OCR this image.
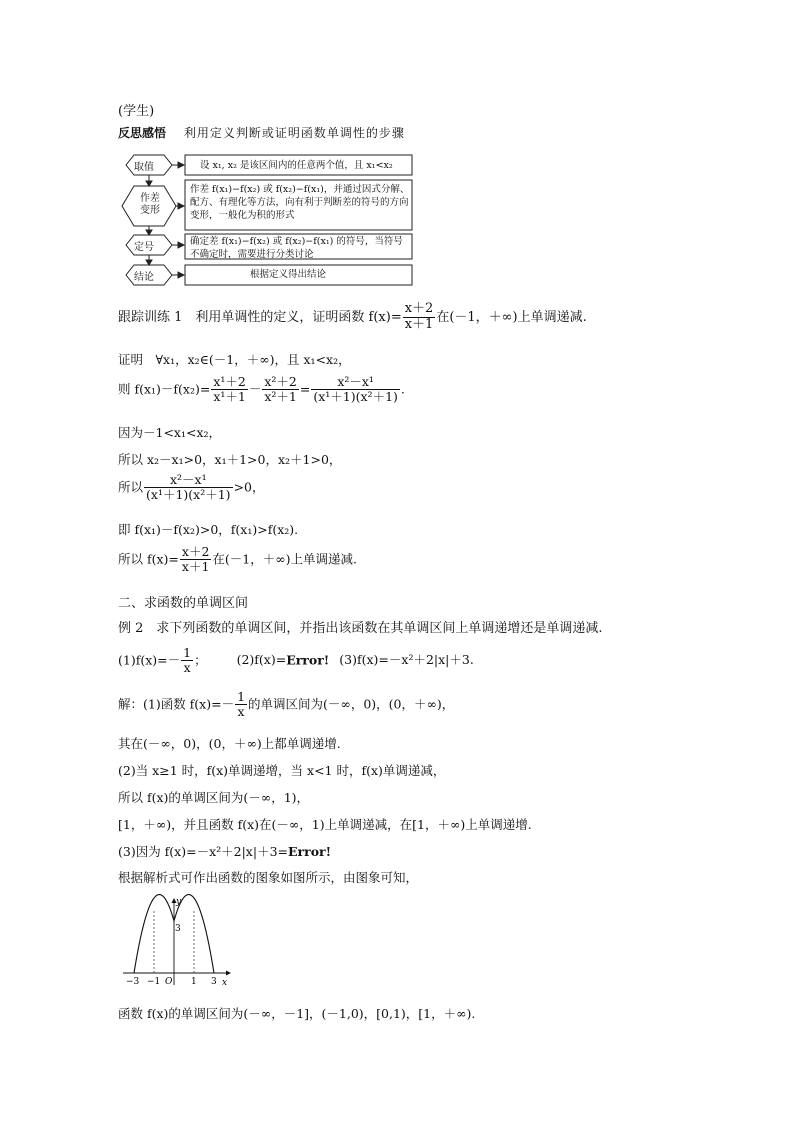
(学生)
反思感悟 利用定义判断或证明函数单调性的步骤
取值
作差变形
定号
结论
设 x₁, x₂ 是该区间内的任意两个值，且 x₁<x₂
作差 f(x₁)−f(x₂) 或 f(x₂)−f(x₁)，并通过因式分解、配方、有理化等方法，向有利于判断差的符号的方向变形，一般化为积的形式
确定差 f(x₁)−f(x₂) 或 f(x₂)−f(x₁) 的符号，当符号不确定时，需要进行分类讨论
根据定义得出结论
跟踪训练 1　利用单调性的定义，证明函数 $f(x)= \frac{x+2}{x+1}$ 在(－1，＋∞)上单调递减.
证明　∀x₁，x₂∈(－1，＋∞)，且 x₁<x₂，
则 $f(x_1)-f(x_2)= \frac{\text{x¹＋2}}{\text{x¹＋1}} - \frac{\text{x²＋2}}{\text{x²＋1}} = \frac{\text{x²－x¹}}{\text{(x¹＋1)(x²＋1)}}$ .
因为－1<x₁<x₂，
所以 x₂－x₁>0，x₁＋1>0，x₂＋1>0，
所以 $\frac{\text{x²－x¹}}{\text{(x¹＋1)(x²＋1)}} >0$，
即 f(x₁)－f(x₂)>0，f(x₁)>f(x₂).
所以 $f(x)= \frac{x+2}{x+1}$ 在(－1，＋∞)上单调递减.
二、求函数的单调区间
例 2　求下列函数的单调区间，并指出该函数在其单调区间上单调递增还是单调递减.
$(1)f(x)=- \frac{1}{x}$ ； (2)f(x)=Error! (3)f(x)=－x²＋2|x|＋3.
解：(1)函数 $f(x)=- \frac{1}{x}$ 的单调区间为(－∞，0)，(0，＋∞)，
其在(－∞，0)，(0，＋∞)上都单调递增.
(2)当 x≥1 时，f(x)单调递增，当 x<1 时，f(x)单调递减，
所以 f(x)的单调区间为(－∞，1)，
[1，＋∞)，并且函数 f(x)在(－∞，1)上单调递减，在[1，＋∞)上单调递增.
(3)因为 f(x)=－x²＋2|x|＋3=Error!
根据解析式可作出函数的图象如图所示，由图象可知，
y
x
O
3
−3 −1	1 3
函数 f(x)的单调区间为(－∞，－1]，(－1,0)，[0,1)，[1，＋∞).
